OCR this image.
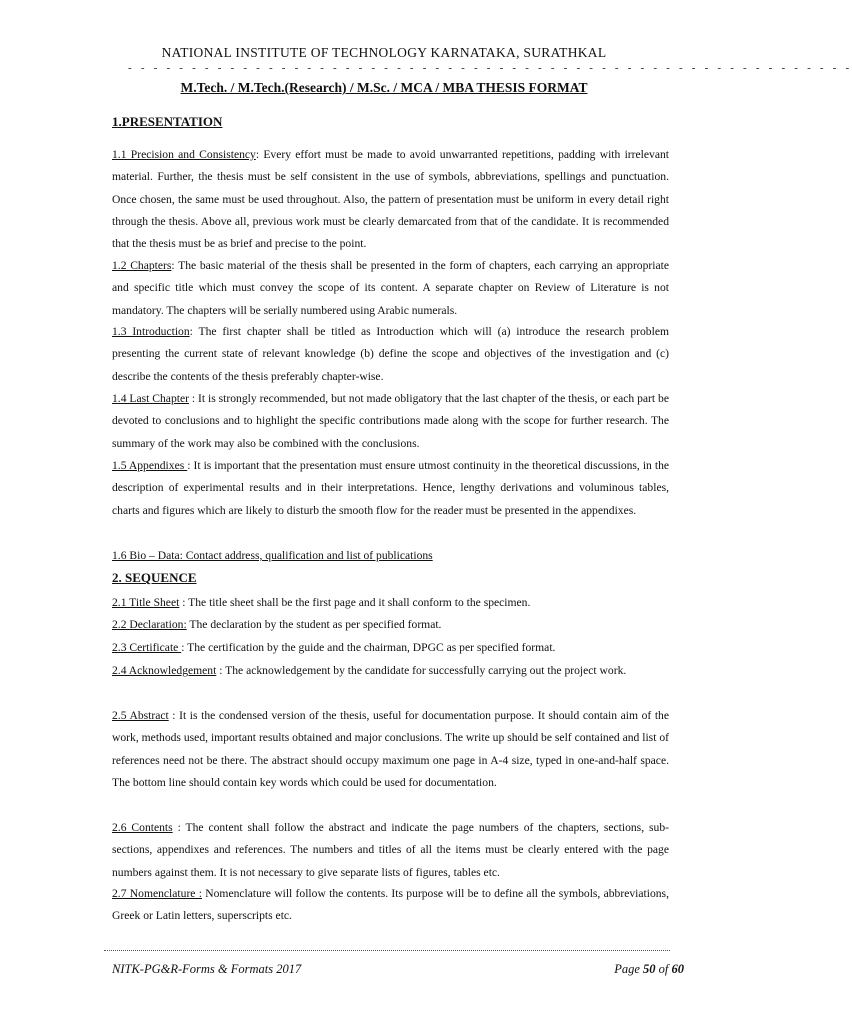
NATIONAL INSTITUTE OF TECHNOLOGY KARNATAKA, SURATHKAL
- - - - - - - - - - - - - - - - - - - - - - - - - - - - - - - - - - - - - - - - - - - - - - - - - - - - - - - - -
M.Tech. / M.Tech.(Research) / M.Sc. / MCA / MBA THESIS FORMAT
1.PRESENTATION
1.1 Precision and Consistency: Every effort must be made to avoid unwarranted repetitions, padding with irrelevant material. Further, the thesis must be self consistent in the use of symbols, abbreviations, spellings and punctuation. Once chosen, the same must be used throughout. Also, the pattern of presentation must be uniform in every detail right through the thesis. Above all, previous work must be clearly demarcated from that of the candidate. It is recommended that the thesis must be as brief and precise to the point.
1.2 Chapters: The basic material of the thesis shall be presented in the form of chapters, each carrying an appropriate and specific title which must convey the scope of its content. A separate chapter on Review of Literature is not mandatory. The chapters will be serially numbered using Arabic numerals.
1.3 Introduction: The first chapter shall be titled as Introduction which will (a) introduce the research problem presenting the current state of relevant knowledge (b) define the scope and objectives of the investigation and (c) describe the contents of the thesis preferably chapter-wise.
1.4 Last Chapter : It is strongly recommended, but not made obligatory that the last chapter of the thesis, or each part be devoted to conclusions and to highlight the specific contributions made along with the scope for further research. The summary of the work may also be combined with the conclusions.
1.5 Appendixes : It is important that the presentation must ensure utmost continuity in the theoretical discussions, in the description of experimental results and in their interpretations. Hence, lengthy derivations and voluminous tables, charts and figures which are likely to disturb the smooth flow for the reader must be presented in the appendixes.
1.6 Bio – Data: Contact address, qualification and list of publications
2. SEQUENCE
2.1 Title Sheet : The title sheet shall be the first page and it shall conform to the specimen.
2.2 Declaration: The declaration by the student as per specified format.
2.3 Certificate : The certification by the guide and the chairman, DPGC as per specified format.
2.4 Acknowledgement : The acknowledgement by the candidate for successfully carrying out the project work.
2.5 Abstract : It is the condensed version of the thesis, useful for documentation purpose. It should contain aim of the work, methods used, important results obtained and major conclusions. The write up should be self contained and list of references need not be there. The abstract should occupy maximum one page in A-4 size, typed in one-and-half space. The bottom line should contain key words which could be used for documentation.
2.6 Contents : The content shall follow the abstract and indicate the page numbers of the chapters, sections, sub-sections, appendixes and references. The numbers and titles of all the items must be clearly entered with the page numbers against them. It is not necessary to give separate lists of figures, tables etc.
2.7 Nomenclature : Nomenclature will follow the contents. Its purpose will be to define all the symbols, abbreviations, Greek or Latin letters, superscripts etc.
NITK-PG&R-Forms & Formats 2017	Page 50 of 60
